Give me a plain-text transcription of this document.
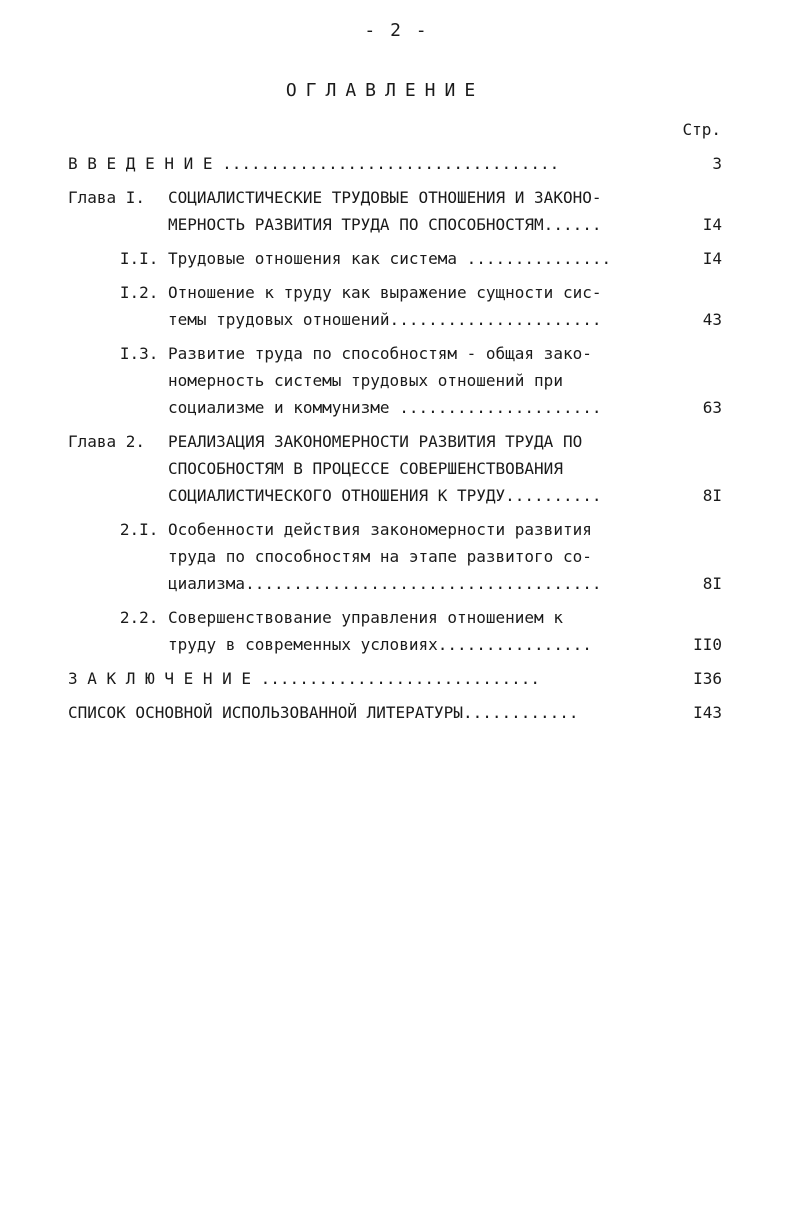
- 2 -
ОГЛАВЛЕНИЕ
Стр.
В В Е Д Е Н И Е ...................................	3
Глава I.	СОЦИАЛИСТИЧЕСКИЕ ТРУДОВЫЕ ОТНОШЕНИЯ И ЗАКОНО-
МЕРНОСТЬ РАЗВИТИЯ ТРУДА ПО СПОСОБНОСТЯМ......	I4
I.I. Трудовые отношения как система ...............	I4
I.2. Отношение к труду как выражение сущности сис-
темы трудовых отношений......................	43
I.3. Развитие труда по способностям - общая зако-
номерность системы трудовых отношений при
социализме и коммунизме .....................	63
Глава 2.	РЕАЛИЗАЦИЯ ЗАКОНОМЕРНОСТИ РАЗВИТИЯ ТРУДА ПО
СПОСОБНОСТЯМ В ПРОЦЕССЕ СОВЕРШЕНСТВОВАНИЯ
СОЦИАЛИСТИЧЕСКОГО ОТНОШЕНИЯ К ТРУДУ..........	8I
2.I. Особенности действия закономерности развития
труда по способностям на этапе развитого со-
циализма.....................................	8I
2.2. Совершенствование управления отношением к
труду в современных условиях................	II0
З А К Л Ю Ч Е Н И Е .............................	I36
СПИСОК ОСНОВНОЙ ИСПОЛЬЗОВАННОЙ ЛИТЕРАТУРЫ............	I43
